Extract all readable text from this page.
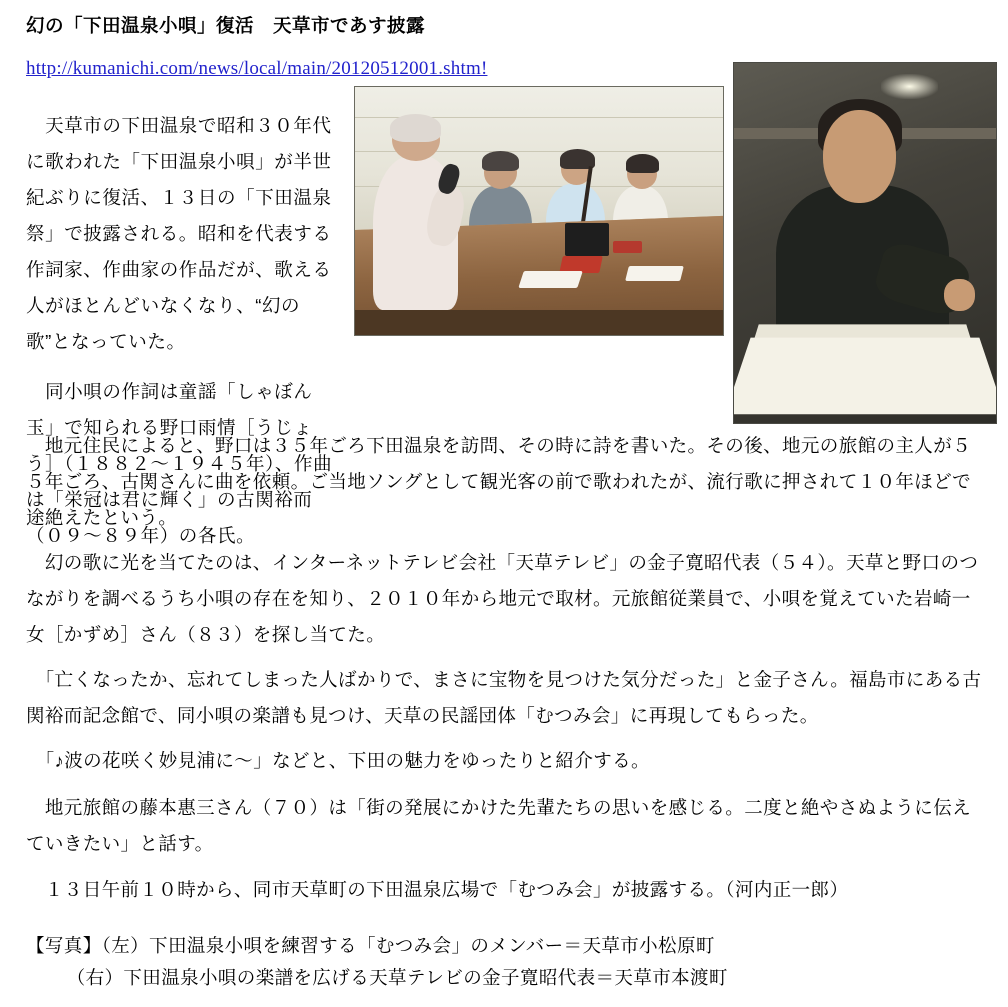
幻の「下田温泉小唄」復活　天草市であす披露
http://kumanichi.com/news/local/main/20120512001.shtm!

　天草市の下田温泉で昭和３０年代に歌われた「下田温泉小唄」が半世紀ぶりに復活、１３日の「下田温泉祭」で披露される。昭和を代表する作詞家、作曲家の作品だが、歌える人がほとんどいなくなり、“幻の歌”となっていた。

　同小唄の作詞は童謡「しゃぼん玉」で知られる野口雨情［うじょう］（１８８２～１９４５年）、作曲は「栄冠は君に輝く」の古関裕而（０９～８９年）の各氏。

　地元住民によると、野口は３５年ごろ下田温泉を訪問、その時に詩を書いた。その後、地元の旅館の主人が５５年ごろ、古関さんに曲を依頼。ご当地ソングとして観光客の前で歌われたが、流行歌に押されて１０年ほどで途絶えたという。

　幻の歌に光を当てたのは、インターネットテレビ会社「天草テレビ」の金子寛昭代表（５４）。天草と野口のつながりを調べるうち小唄の存在を知り、２０１０年から地元で取材。元旅館従業員で、小唄を覚えていた岩崎一女［かずめ］さん（８３）を探し当てた。

　「亡くなったか、忘れてしまった人ばかりで、まさに宝物を見つけた気分だった」と金子さん。福島市にある古関裕而記念館で、同小唄の楽譜も見つけ、天草の民謡団体「むつみ会」に再現してもらった。

　「♪波の花咲く妙見浦に～」などと、下田の魅力をゆったりと紹介する。

　地元旅館の藤本惠三さん（７０）は「街の発展にかけた先輩たちの思いを感じる。二度と絶やさぬように伝えていきたい」と話す。

　１３日午前１０時から、同市天草町の下田温泉広場で「むつみ会」が披露する。（河内正一郎）

【写真】（左）下田温泉小唄を練習する「むつみ会」のメンバー＝天草市小松原町
（右）下田温泉小唄の楽譜を広げる天草テレビの金子寛昭代表＝天草市本渡町
